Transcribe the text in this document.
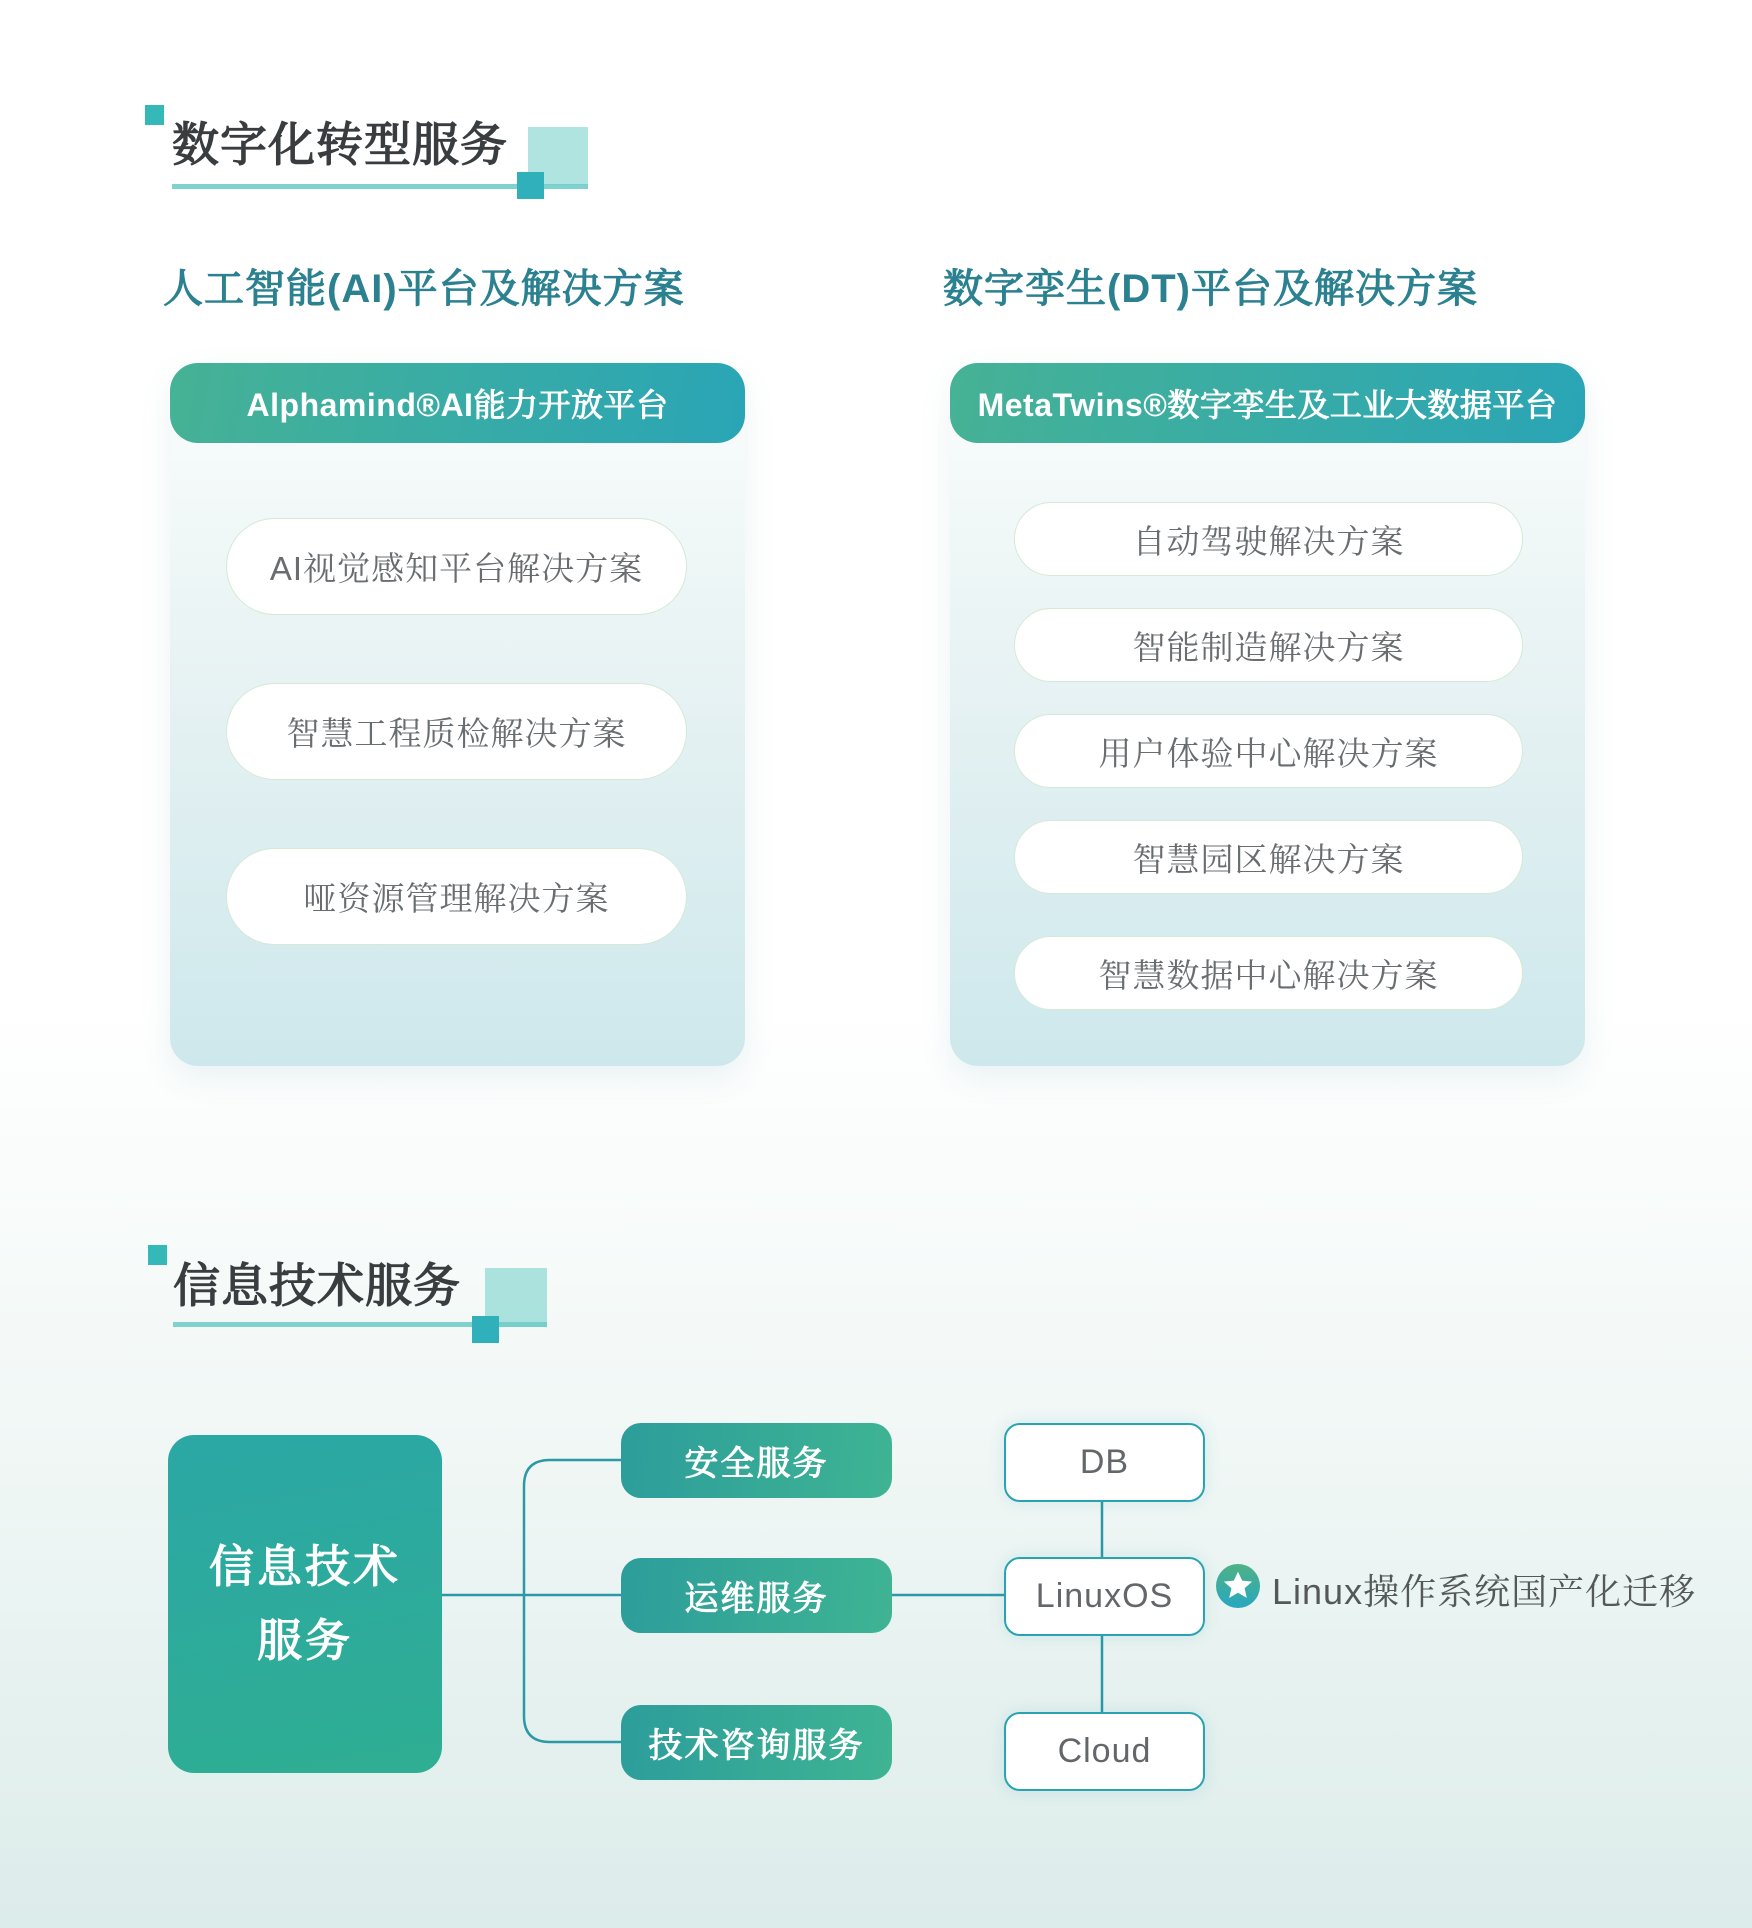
数字化转型服务
人工智能(AI)平台及解决方案	数字孪生(DT)平台及解决方案
Alphamind®AI能力开放平台
AI视觉感知平台解决方案
智慧工程质检解决方案
哑资源管理解决方案
MetaTwins®数字孪生及工业大数据平台
自动驾驶解决方案
智能制造解决方案
用户体验中心解决方案
智慧园区解决方案
智慧数据中心解决方案
信息技术服务
信息技术
服务
安全服务
运维服务
技术咨询服务
DB
LinuxOS
Cloud
Linux操作系统国产化迁移
